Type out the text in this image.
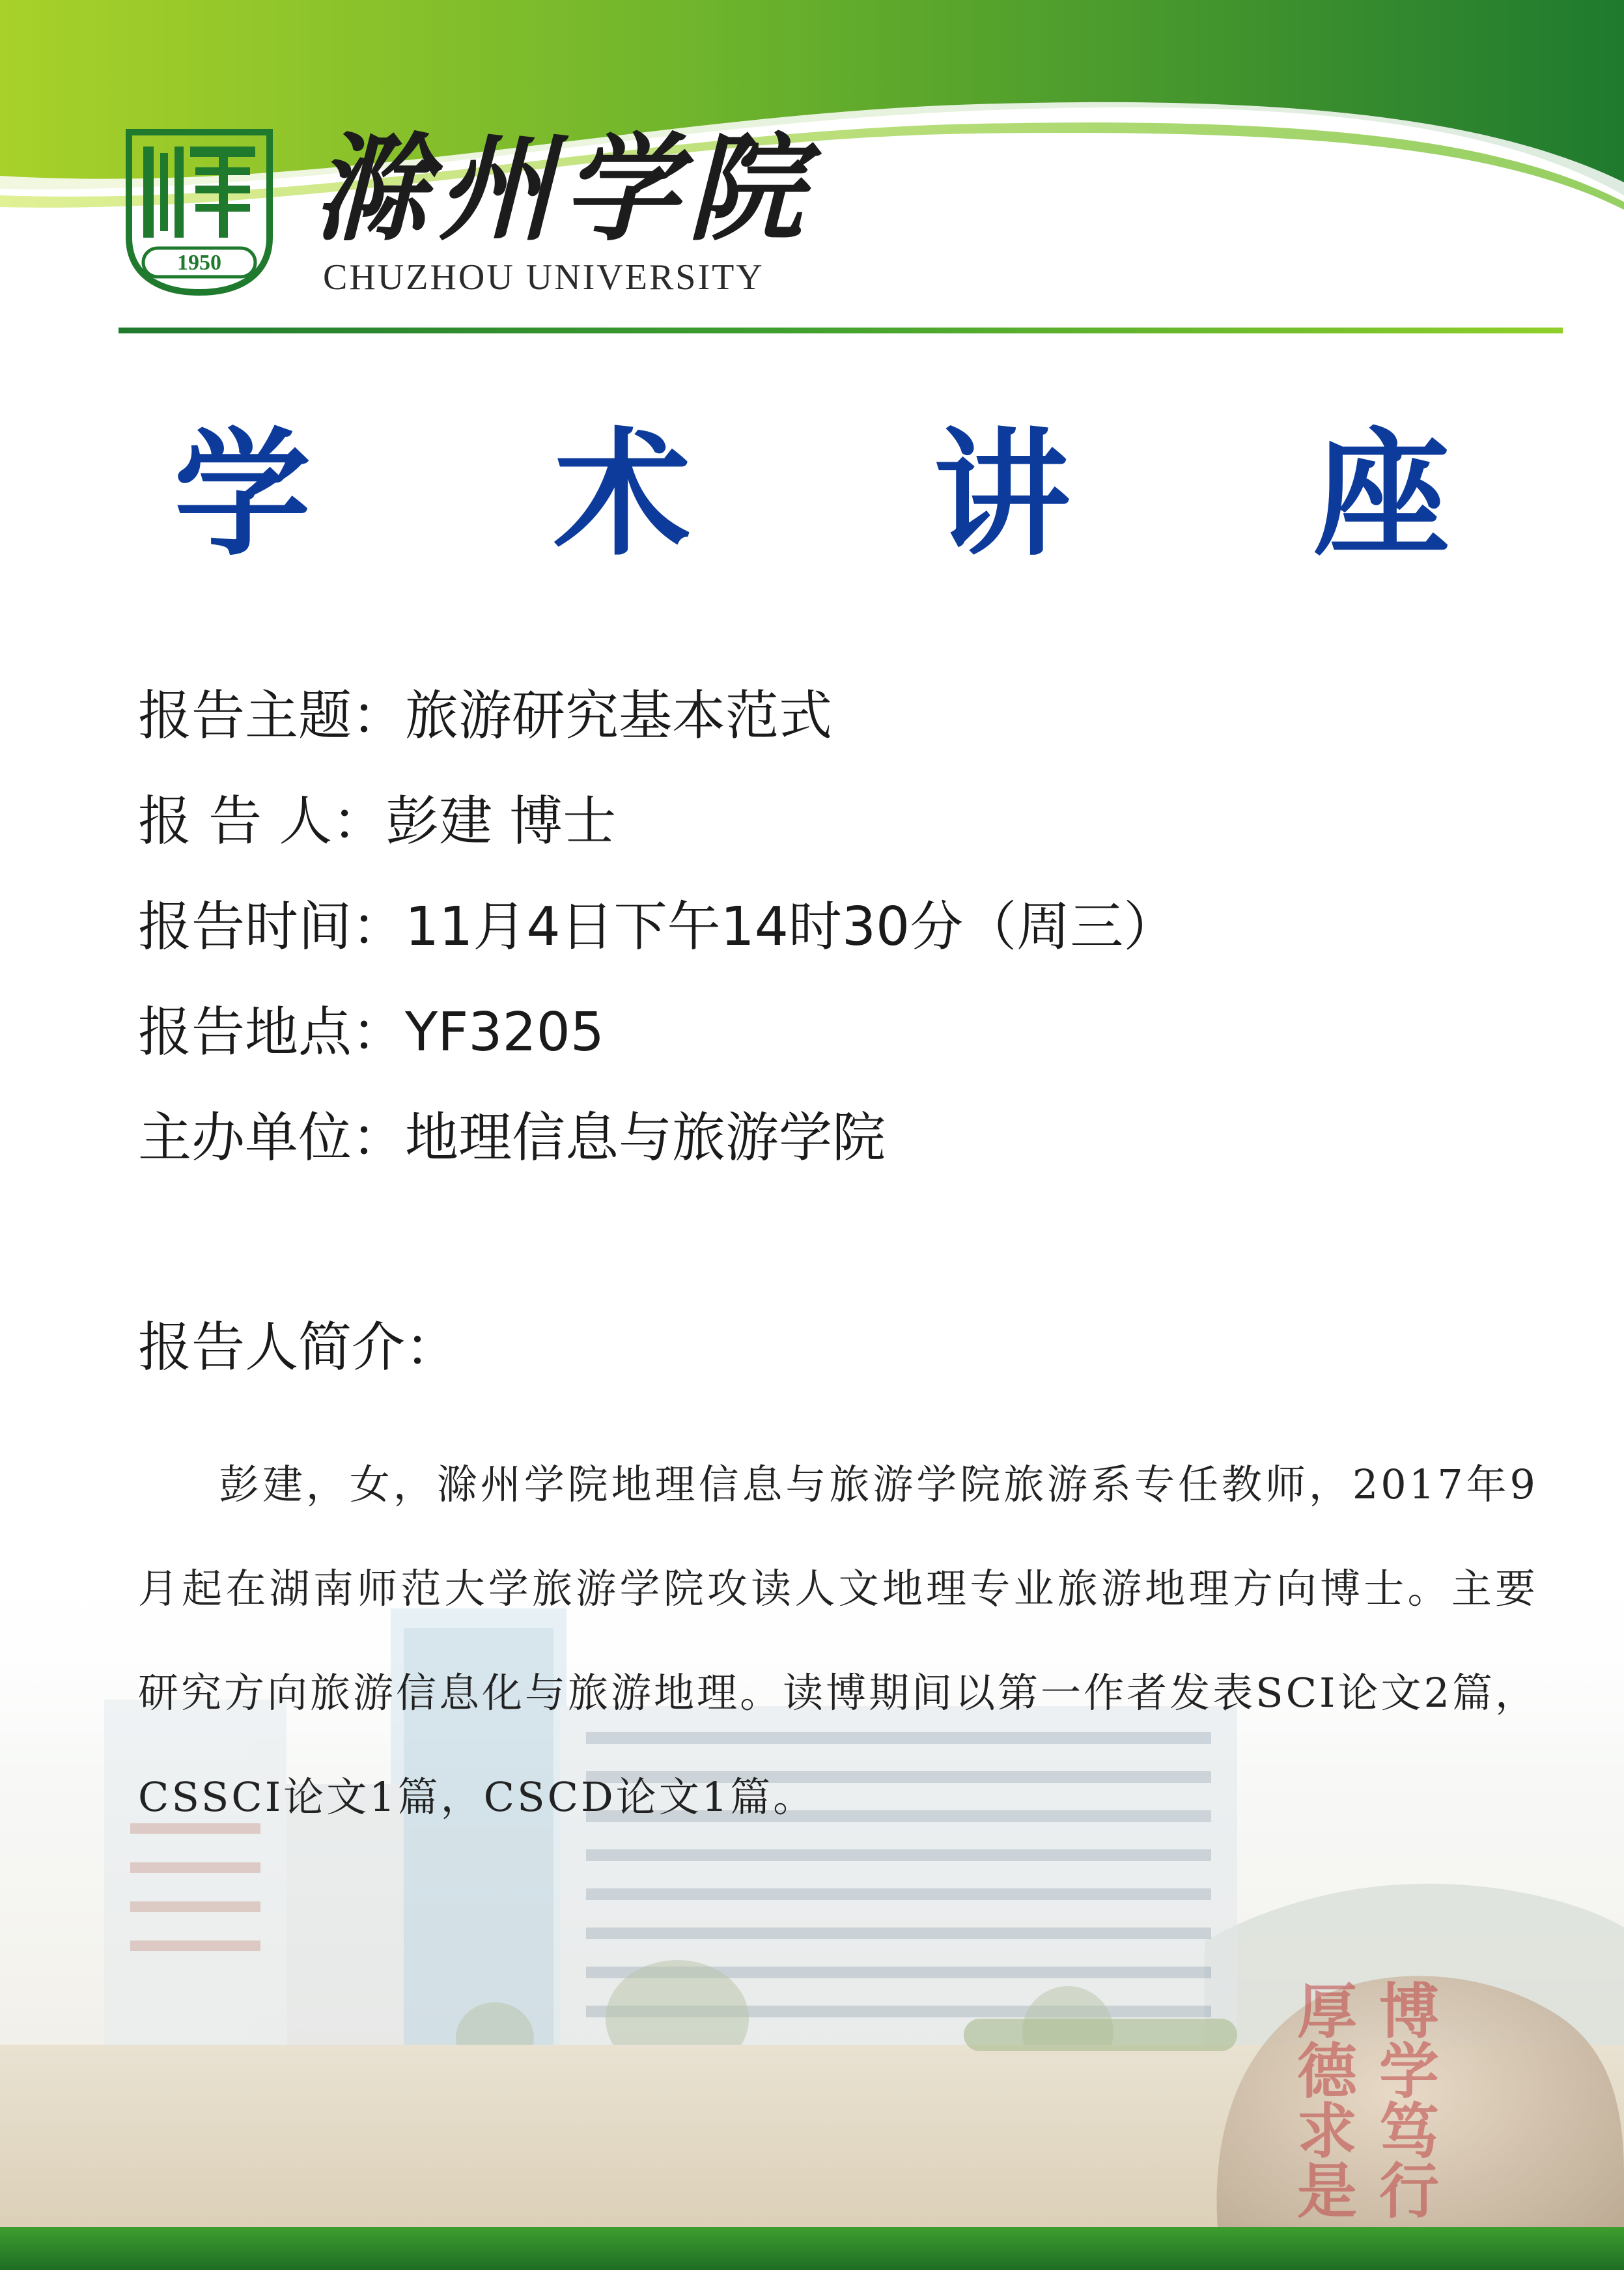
1950
滁州学院
CHUZHOU UNIVERSITY
学 术 讲 座
报告主题：旅游研究基本范式
报 告 人：彭建 博士
报告时间：11月4日下午14时30分（周三）
报告地点：YF3205
主办单位：地理信息与旅游学院
博学笃行 厚德求是
报告人简介：
彭建，女，滁州学院地理信息与旅游学院旅游系专任教师，2017年9月起在湖南师范大学旅游学院攻读人文地理专业旅游地理方向博士。主要研究方向旅游信息化与旅游地理。读博期间以第一作者发表SCI论文2篇，CSSCI论文1篇，CSCD论文1篇。
